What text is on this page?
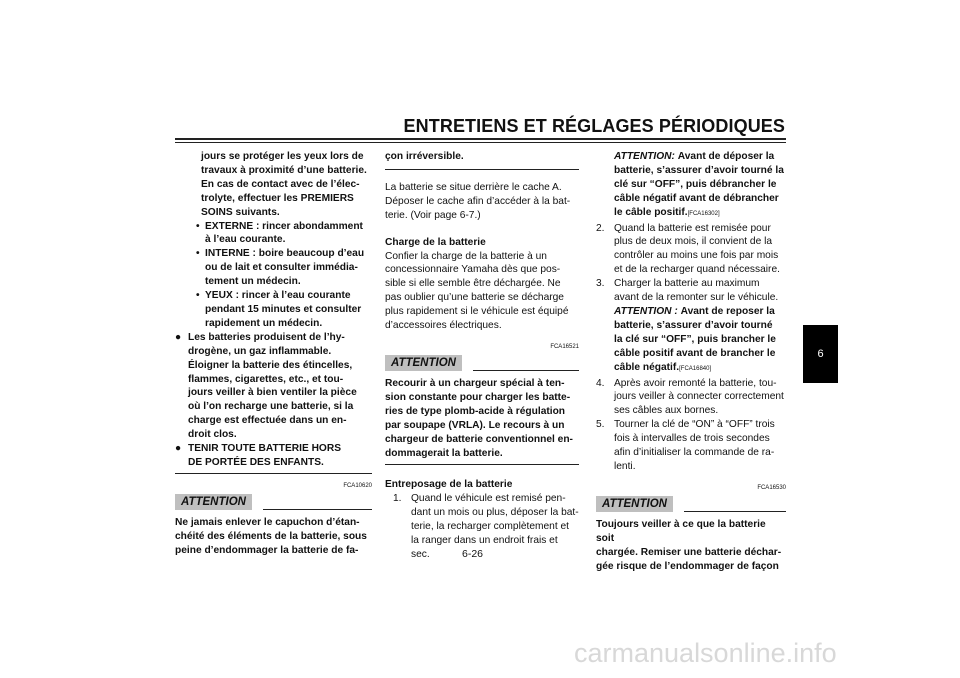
ENTRETIENS ET RÉGLAGES PÉRIODIQUES

jours se protéger les yeux lors de

travaux à proximité d’une batterie.

En cas de contact avec de l’élec-

trolyte, effectuer les PREMIERS

SOINS suivants.

• EXTERNE : rincer abondamment

à l’eau courante.

• INTERNE : boire beaucoup d’eau

ou de lait et consulter immédia-

tement un médecin.

• YEUX : rincer à l’eau courante

pendant 15 minutes et consulter

rapidement un médecin.

● Les batteries produisent de l’hy-

drogène, un gaz inflammable.

Éloigner la batterie des étincelles,

flammes, cigarettes, etc., et tou-

jours veiller à bien ventiler la pièce

où l’on recharge une batterie, si la

charge est effectuée dans un en-

droit clos.

● TENIR TOUTE BATTERIE HORS

DE PORTÉE DES ENFANTS.

FCA10620
ATTENTION

Ne jamais enlever le capuchon d’étan-

chéité des éléments de la batterie, sous

peine d’endommager la batterie de fa-

çon irréversible.

La batterie se situe derrière le cache A.

Déposer le cache afin d’accéder à la bat-

terie. (Voir page 6-7.)

Charge de la batterie

Confier la charge de la batterie à un

concessionnaire Yamaha dès que pos-

sible si elle semble être déchargée. Ne

pas oublier qu’une batterie se décharge

plus rapidement si le véhicule est équipé

d’accessoires électriques.

FCA16521
ATTENTION

Recourir à un chargeur spécial à ten-

sion constante pour charger les batte-

ries de type plomb-acide à régulation

par soupape (VRLA). Le recours à un

chargeur de batterie conventionnel en-

dommagerait la batterie.

Entreposage de la batterie

1. Quand le véhicule est remisé pen-

dant un mois ou plus, déposer la bat-

terie, la recharger complètement et

la ranger dans un endroit frais et sec.

ATTENTION: Avant de déposer la

batterie, s’assurer d’avoir tourné la

clé sur “OFF”, puis débrancher le

câble négatif avant de débrancher

le câble positif.[FCA16302]

2. Quand la batterie est remisée pour

plus de deux mois, il convient de la

contrôler au moins une fois par mois

et de la recharger quand nécessaire.

3. Charger la batterie au maximum

avant de la remonter sur le véhicule.

ATTENTION : Avant de reposer la

batterie, s’assurer d’avoir tourné

la clé sur “OFF”, puis brancher le

câble positif avant de brancher le

câble négatif.[FCA16840]

4. Après avoir remonté la batterie, tou-

jours veiller à connecter correctement

ses câbles aux bornes.

5. Tourner la clé de “ON” à “OFF” trois

fois à intervalles de trois secondes

afin d’initialiser la commande de ra-

lenti.

FCA16530
ATTENTION

Toujours veiller à ce que la batterie soit

chargée. Remiser une batterie déchar-

gée risque de l’endommager de façon

6
6-26
carmanualsonline.info
